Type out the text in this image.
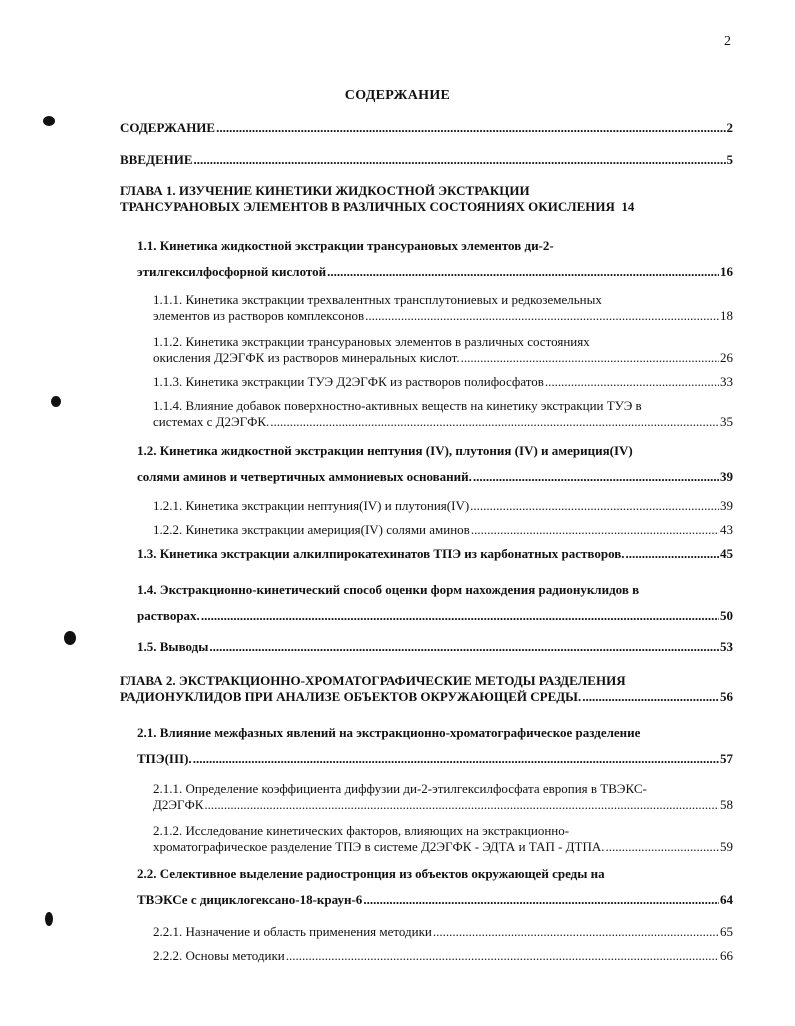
2
СОДЕРЖАНИЕ
СОДЕРЖАНИЕ .....	2
ВВЕДЕНИЕ .....	5
ГЛАВА 1. ИЗУЧЕНИЕ КИНЕТИКИ ЖИДКОСТНОЙ ЭКСТРАКЦИИ
ТРАНСУРАНОВЫХ ЭЛЕМЕНТОВ В РАЗЛИЧНЫХ СОСТОЯНИЯХ ОКИСЛЕНИЯ 14
1.1. Кинетика жидкостной экстракции трансурановых элементов ди-2-
этилгексилфосфорной кислотой .....	16
1.1.1. Кинетика экстракции трехвалентных трансплутониевых и редкоземельных
элементов из растворов комплексонов .....	18
1.1.2. Кинетика экстракции трансурановых элементов в различных состояниях
окисления Д2ЭГФК из растворов минеральных кислот. .....	26
1.1.3. Кинетика экстракции ТУЭ Д2ЭГФК из растворов полифосфатов .....	33
1.1.4. Влияние добавок поверхностно-активных веществ на кинетику экстракции ТУЭ в
системах с Д2ЭГФК. .....	35
1.2. Кинетика жидкостной экстракции нептуния (IV), плутония (IV) и америция(IV)
солями аминов и четвертичных аммониевых оснований. .....	39
1.2.1. Кинетика экстракции нептуния(IV) и плутония(IV) .....	39
1.2.2. Кинетика экстракции америция(IV) солями аминов .....	43
1.3. Кинетика экстракции алкилпирокатехинатов ТПЭ из карбонатных растворов. .....	45
1.4. Экстракционно-кинетический способ оценки форм нахождения радионуклидов в
растворах. .....	50
1.5. Выводы .....	53
ГЛАВА 2. ЭКСТРАКЦИОННО-ХРОМАТОГРАФИЧЕСКИЕ МЕТОДЫ РАЗДЕЛЕНИЯ
РАДИОНУКЛИДОВ ПРИ АНАЛИЗЕ ОБЪЕКТОВ ОКРУЖАЮЩЕЙ СРЕДЫ. .....	56
2.1. Влияние межфазных явлений на экстракционно-хроматографическое разделение
ТПЭ(III). .....	57
2.1.1. Определение коэффициента диффузии ди-2-этилгексилфосфата европия в ТВЭКС-
Д2ЭГФК .....	58
2.1.2. Исследование кинетических факторов, влияющих на экстракционно-
хроматографическое разделение ТПЭ в системе Д2ЭГФК - ЭДТА и ТАП - ДТПА. .....	59
2.2. Селективное выделение радиостронция из объектов окружающей среды на
ТВЭКСе с дициклогексано-18-краун-6 .....	64
2.2.1. Назначение и область применения методики .....	65
2.2.2. Основы методики .....	66
